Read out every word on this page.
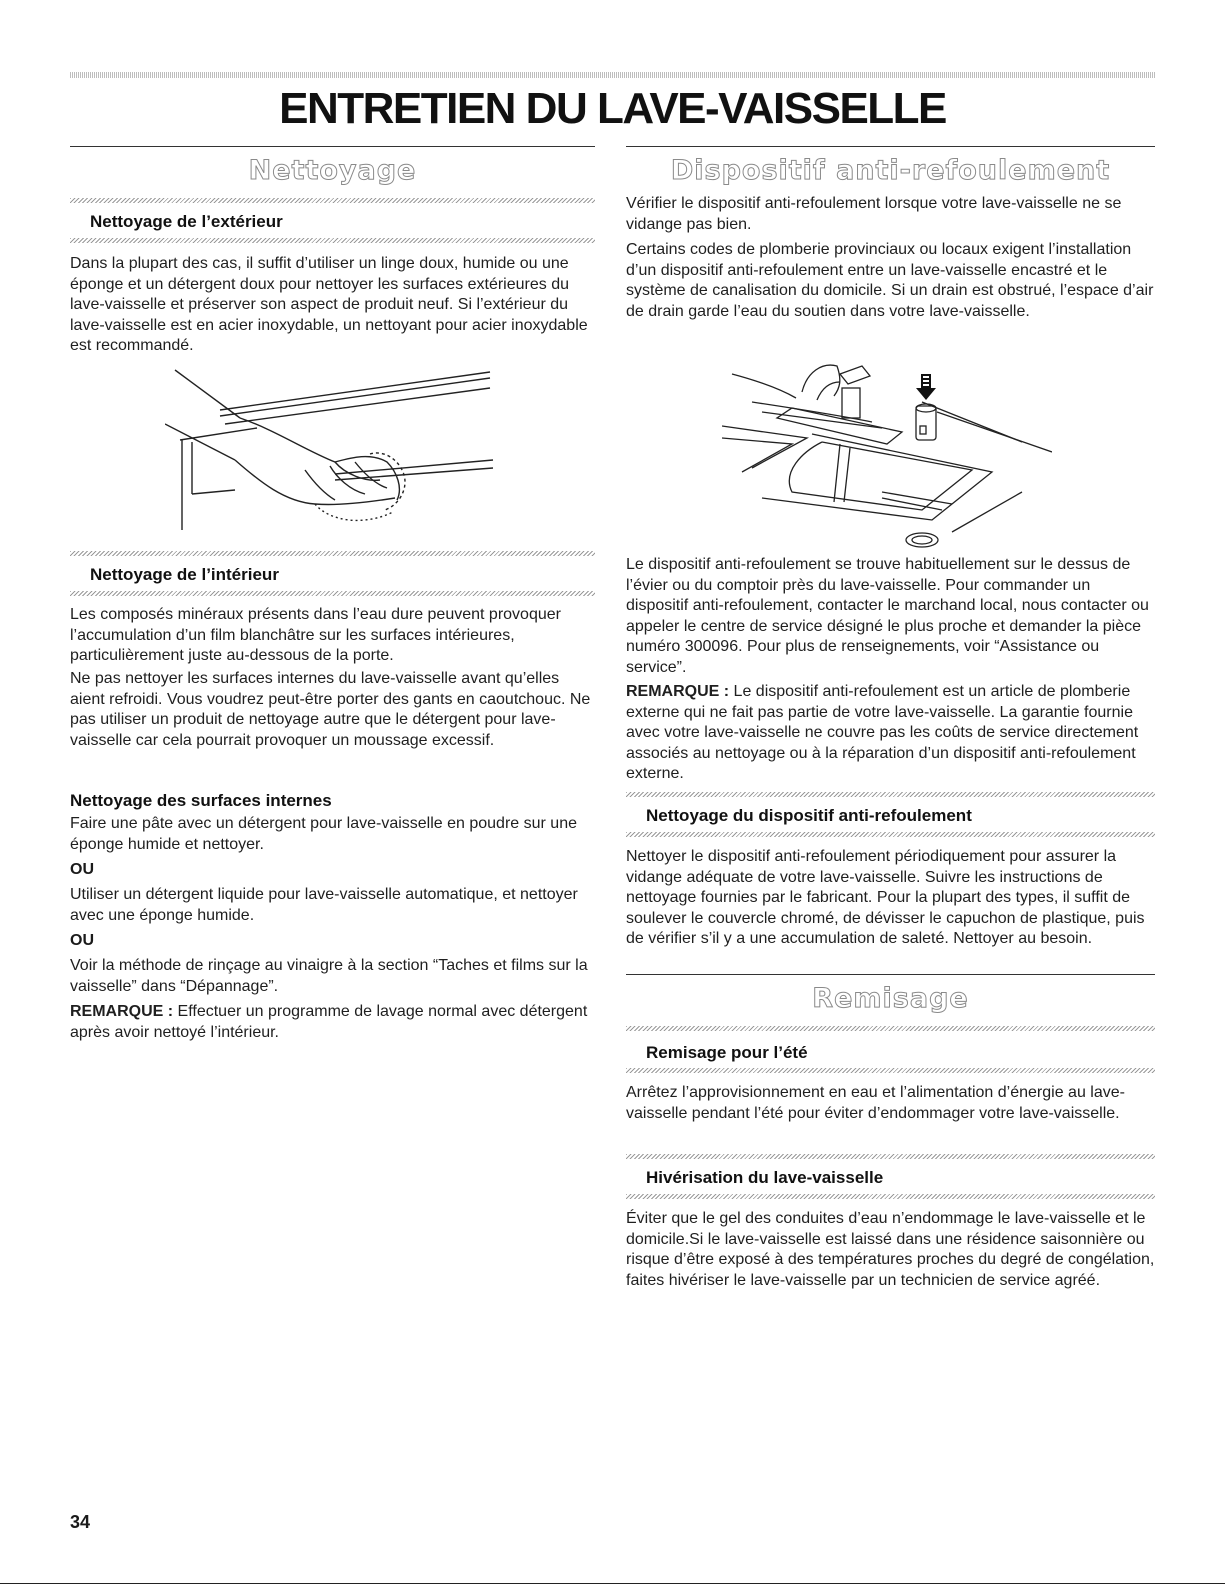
ENTRETIEN DU LAVE-VAISSELLE
Nettoyage
Nettoyage de l’extérieur

Dans la plupart des cas, il suffit d’utiliser un linge doux, humide ou une éponge et un détergent doux pour nettoyer les surfaces extérieures du lave-vaisselle et préserver son aspect de produit neuf. Si l’extérieur du lave-vaisselle est en acier inoxydable, un nettoyant pour acier inoxydable est recommandé.

Nettoyage de l’intérieur

Les composés minéraux présents dans l’eau dure peuvent provoquer l’accumulation d’un film blanchâtre sur les surfaces intérieures, particulièrement juste au-dessous de la porte.

Ne pas nettoyer les surfaces internes du lave-vaisselle avant qu’elles aient refroidi. Vous voudrez peut-être porter des gants en caoutchouc. Ne pas utiliser un produit de nettoyage autre que le détergent pour lave-vaisselle car cela pourrait provoquer un moussage excessif.

Nettoyage des surfaces internes

Faire une pâte avec un détergent pour lave-vaisselle en poudre sur une éponge humide et nettoyer.

OU

Utiliser un détergent liquide pour lave-vaisselle automatique, et nettoyer avec une éponge humide.

OU

Voir la méthode de rinçage au vinaigre à la section “Taches et films sur la vaisselle” dans “Dépannage”.

REMARQUE : Effectuer un programme de lavage normal avec détergent après avoir nettoyé l’intérieur.

Dispositif anti-refoulement

Vérifier le dispositif anti-refoulement lorsque votre lave-vaisselle ne se vidange pas bien.

Certains codes de plomberie provinciaux ou locaux exigent l’installation d’un dispositif anti-refoulement entre un lave-vaisselle encastré et le système de canalisation du domicile. Si un drain est obstrué, l’espace d’air de drain garde l’eau du soutien dans votre lave-vaisselle.

Le dispositif anti-refoulement se trouve habituellement sur le dessus de l’évier ou du comptoir près du lave-vaisselle. Pour commander un dispositif anti-refoulement, contacter le marchand local, nous contacter ou appeler le centre de service désigné le plus proche et demander la pièce numéro 300096. Pour plus de renseignements, voir “Assistance ou service”.

REMARQUE : Le dispositif anti-refoulement est un article de plomberie externe qui ne fait pas partie de votre lave-vaisselle. La garantie fournie avec votre lave-vaisselle ne couvre pas les coûts de service directement associés au nettoyage ou à la réparation d’un dispositif anti-refoulement externe.

Nettoyage du dispositif anti-refoulement

Nettoyer le dispositif anti-refoulement périodiquement pour assurer la vidange adéquate de votre lave-vaisselle. Suivre les instructions de nettoyage fournies par le fabricant. Pour la plupart des types, il suffit de soulever le couvercle chromé, de dévisser le capuchon de plastique, puis de vérifier s’il y a une accumulation de saleté. Nettoyer au besoin.

Remisage
Remisage pour l’été

Arrêtez l’approvisionnement en eau et l’alimentation d’énergie au lave-vaisselle pendant l’été pour éviter d’endommager votre lave-vaisselle.

Hivérisation du lave-vaisselle

Éviter que le gel des conduites d’eau n’endommage le lave-vaisselle et le domicile.Si le lave-vaisselle est laissé dans une résidence saisonnière ou risque d’être exposé à des températures proches du degré de congélation, faites hivériser le lave-vaisselle par un technicien de service agréé.

34
